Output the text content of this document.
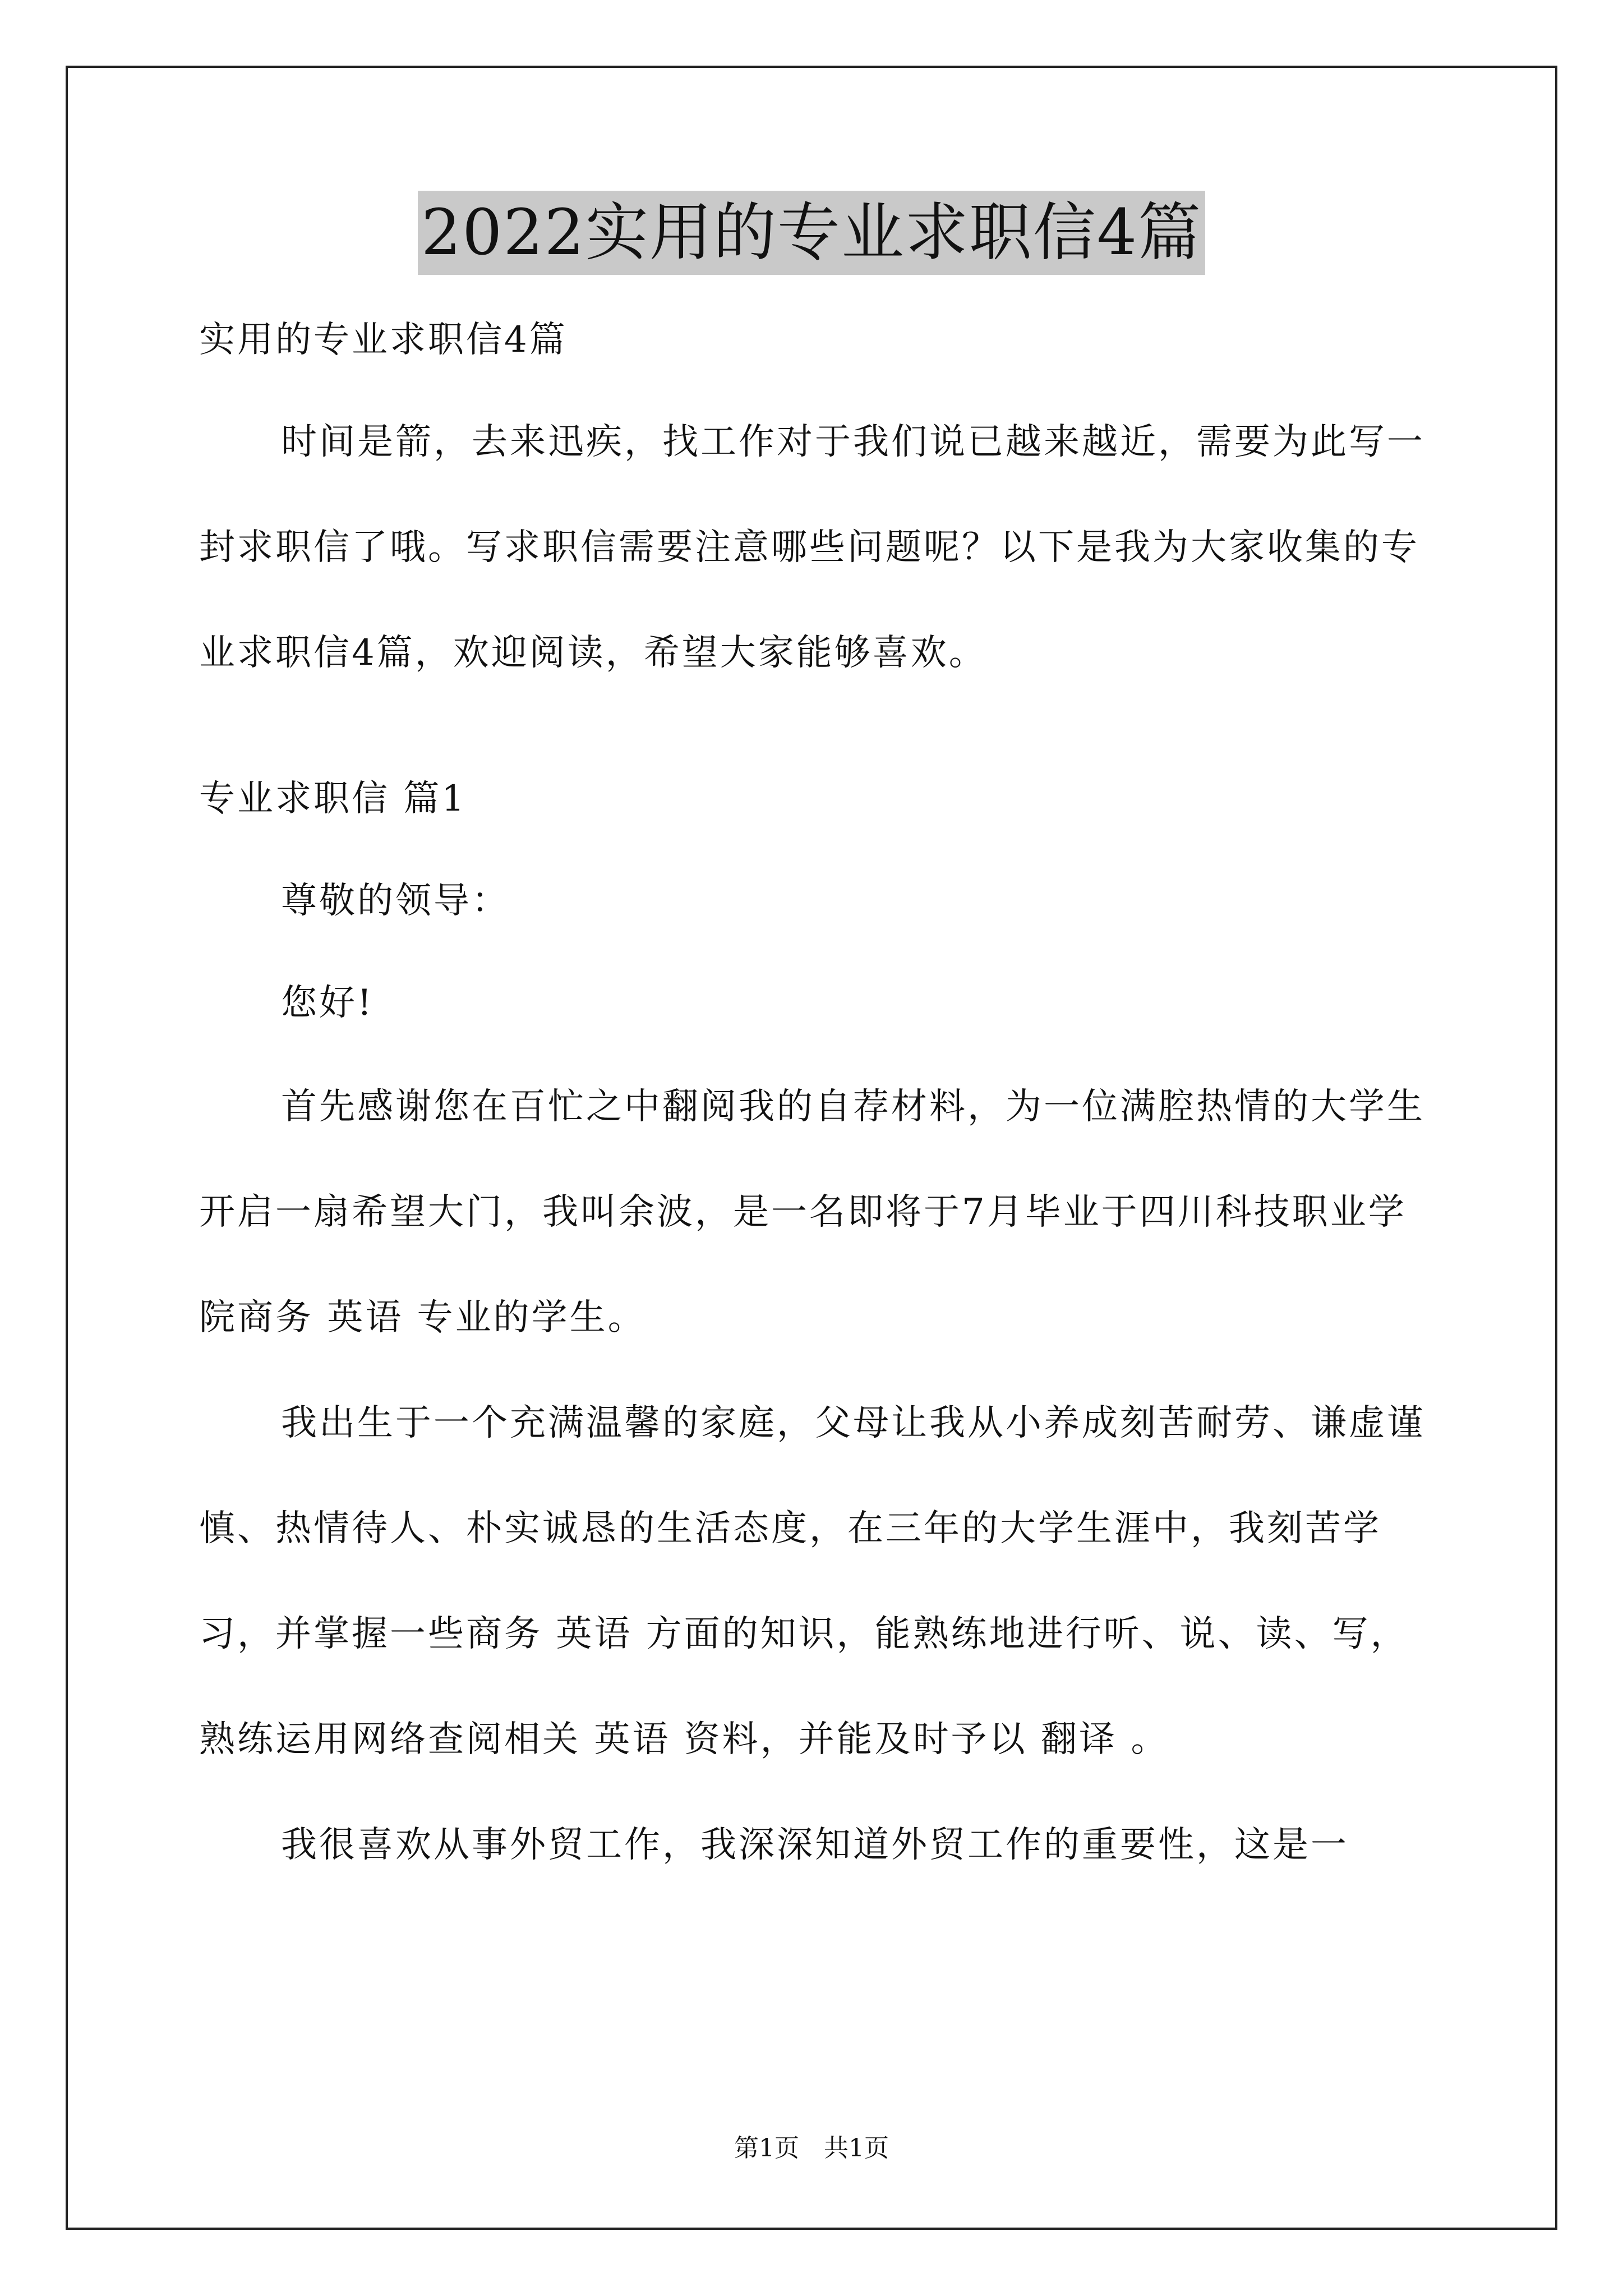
2022实用的专业求职信4篇

实用的专业求职信4篇

时间是箭，去来迅疾，找工作对于我们说已越来越近，需要为此写一封求职信了哦。写求职信需要注意哪些问题呢？以下是我为大家收集的专业求职信4篇，欢迎阅读，希望大家能够喜欢。

专业求职信 篇1

尊敬的领导：

您好!

首先感谢您在百忙之中翻阅我的自荐材料，为一位满腔热情的大学生开启一扇希望大门，我叫余波，是一名即将于7月毕业于四川科技职业学院商务 英语 专业的学生。

我出生于一个充满温馨的家庭，父母让我从小养成刻苦耐劳、谦虚谨慎、热情待人、朴实诚恳的生活态度，在三年的大学生涯中，我刻苦学习，并掌握一些商务 英语 方面的知识，能熟练地进行听、说、读、写，熟练运用网络查阅相关 英语 资料，并能及时予以 翻译 。

我很喜欢从事外贸工作，我深深知道外贸工作的重要性，这是一

第1页　共1页
